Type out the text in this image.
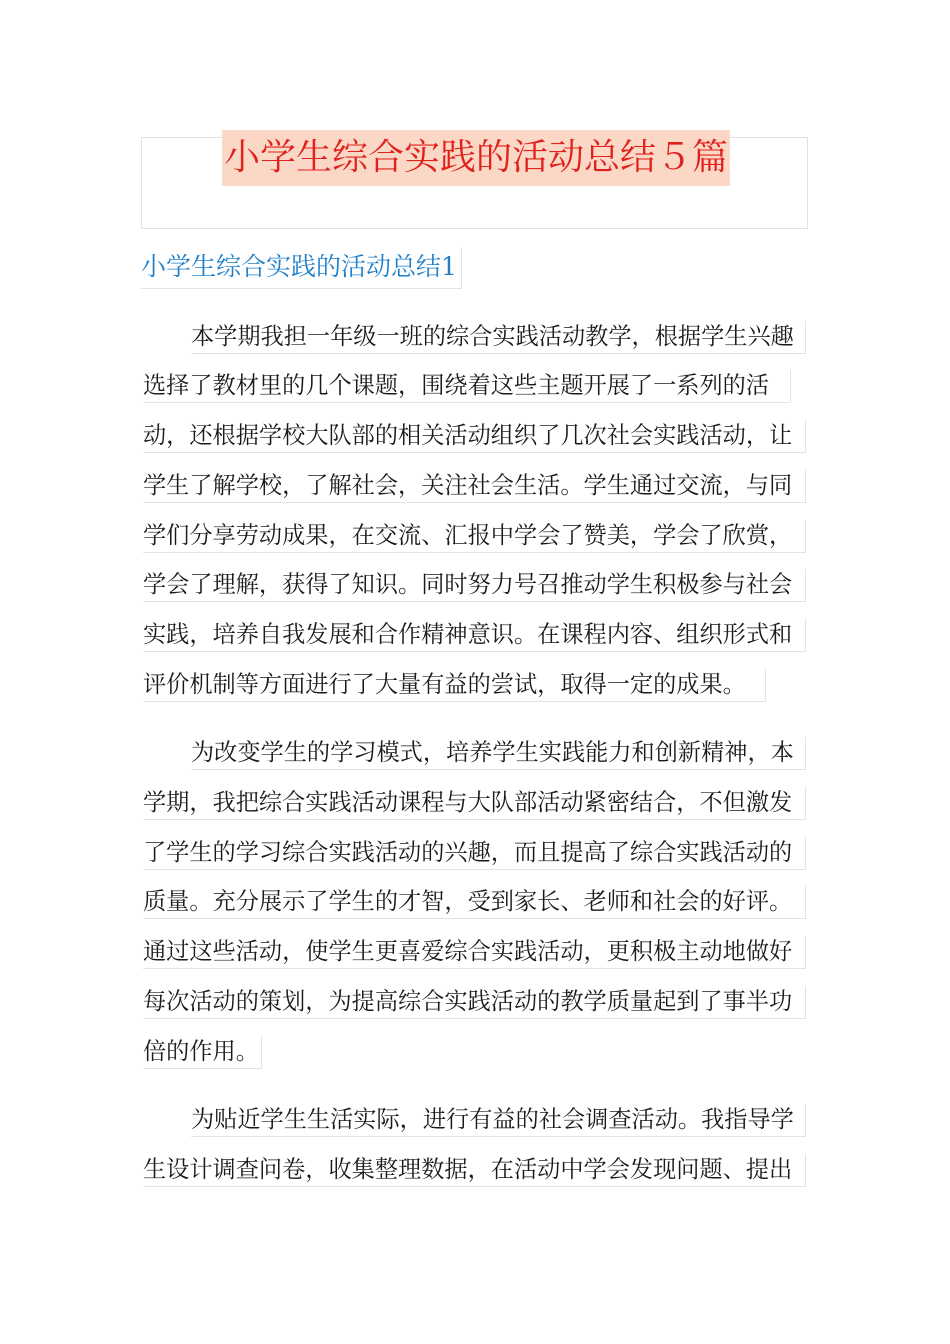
小学生综合实践的活动总结５篇
小学生综合实践的活动总结1
本学期我担一年级一班的综合实践活动教学，根据学生兴趣
选择了教材里的几个课题，围绕着这些主题开展了一系列的活
动，还根据学校大队部的相关活动组织了几次社会实践活动，让
学生了解学校，了解社会，关注社会生活。学生通过交流，与同
学们分享劳动成果，在交流、汇报中学会了赞美，学会了欣赏，
学会了理解，获得了知识。同时努力号召推动学生积极参与社会
实践，培养自我发展和合作精神意识。在课程内容、组织形式和
评价机制等方面进行了大量有益的尝试，取得一定的成果。
为改变学生的学习模式，培养学生实践能力和创新精神，本
学期，我把综合实践活动课程与大队部活动紧密结合，不但激发
了学生的学习综合实践活动的兴趣，而且提高了综合实践活动的
质量。充分展示了学生的才智，受到家长、老师和社会的好评。
通过这些活动，使学生更喜爱综合实践活动，更积极主动地做好
每次活动的策划，为提高综合实践活动的教学质量起到了事半功
倍的作用。
为贴近学生生活实际，进行有益的社会调查活动。我指导学
生设计调查问卷，收集整理数据，在活动中学会发现问题、提出
